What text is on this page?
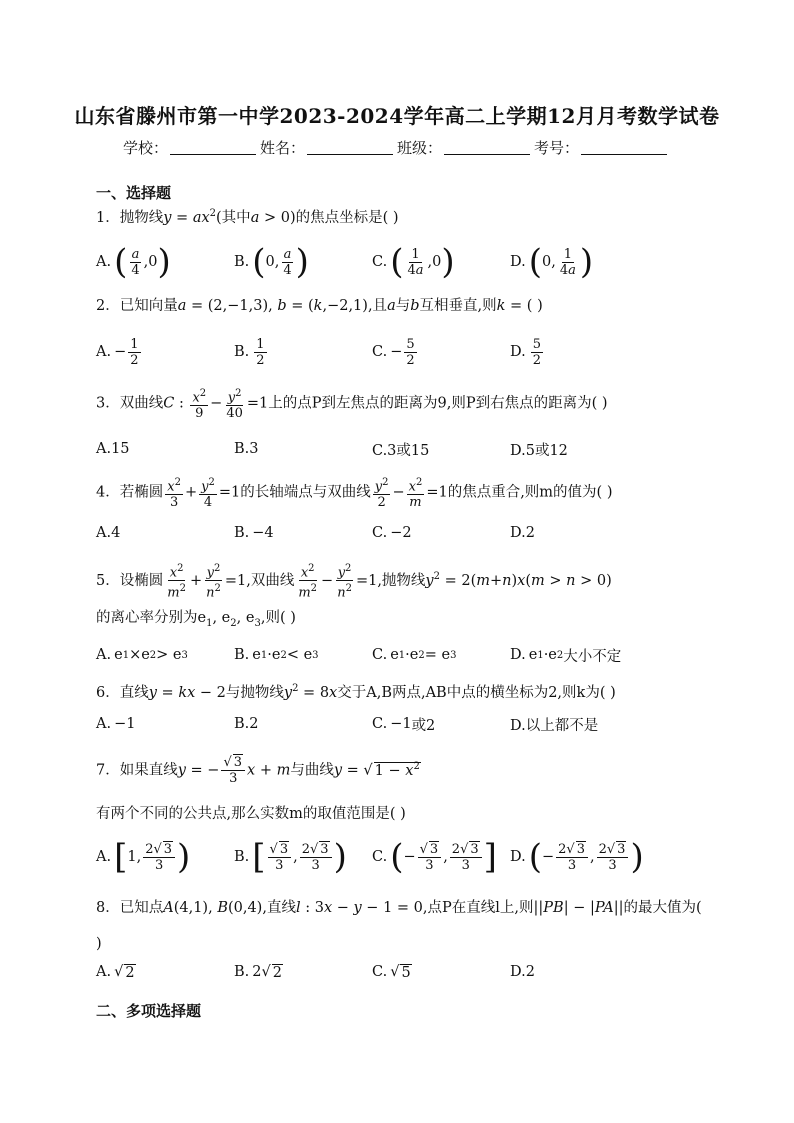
山东省滕州市第一中学2023-2024学年高二上学期12月月考数学试卷
学校：	姓名：	班级：	考号：
一、选择题
1．抛物线$y = ax^2$(其中a > 0)的焦点坐标是( )
A. ( $\frac{a}{4} ,0$ )	B. ( 0, $\frac{a}{4}$ )	C. ( $\frac{1}{4a} ,0$ )	D. ( 0, $\frac{1}{4a}$ )
2．已知向量a = (2,−1,3), b = (k,−2,1),且a与b互相垂直,则k = ( )
A. − $\frac{1}{2}$	B. $\frac{1}{2}$	C. − $\frac{5}{2}$	D. $\frac{5}{2}$
3．双曲线C : $\frac{x^2}{9} - \frac{y^2}{40} =1$上的点P到左焦点的距离为9,则P到右焦点的距离为( )
A.15	B.3	C.3或15	D.5或12
4．若椭圆 $\frac{x^2}{3} + \frac{y^2}{4} =1$的长轴端点与双曲线 $\frac{y^2}{2} - \frac{x^2}{m} =1$的焦点重合,则m的值为( )
A.4	B. −4	C. −2	D.2
5．设椭圆 $\frac{x^2}{m^2} + \frac{y^2}{n^2} =1$,双曲线 $\frac{x^2}{m^2} - \frac{y^2}{n^2} =1$,抛物线$y^2 = 2(m+n)x(m > n > 0)$
的离心率分别为$e_1$, $e_2$, $e_3$,则( )
A. e 1 ×e 2 > e 3	B. e 1 ·e 2 < e 3	C. e 1 ·e 2 = e 3	D. e 1 ·e 2 大小不定
6．直线y = kx − 2与抛物线$y^2 = 8x$交于A,B两点,AB中点的横坐标为2,则k为( )
A. −1	B.2	C. −1 或2	D.以上都不是
7．如果直线y = − $\frac{√ 3}{3}$ x + m与曲线y = √ $1 - x^2$
有两个不同的公共点,那么实数m的取值范围是( )
A. [ 1, $\frac{2√ 3}{3}$ )	B. [ $\frac{√ 3}{3}$ , $\frac{2√ 3}{3}$ ) C. ( − $\frac{√ 3}{3}$ , $\frac{2√ 3}{3}$ ] D. ( − $\frac{2√ 3}{3}$ , $\frac{2√ 3}{3}$ )
8．已知点A(4,1), B(0,4),直线l : 3x − y − 1 = 0,点P在直线l上,则||PB| − |PA||的最大值为(
)
A. √ 2	B. 2√ 2	C. √ 5	D.2
二、多项选择题
